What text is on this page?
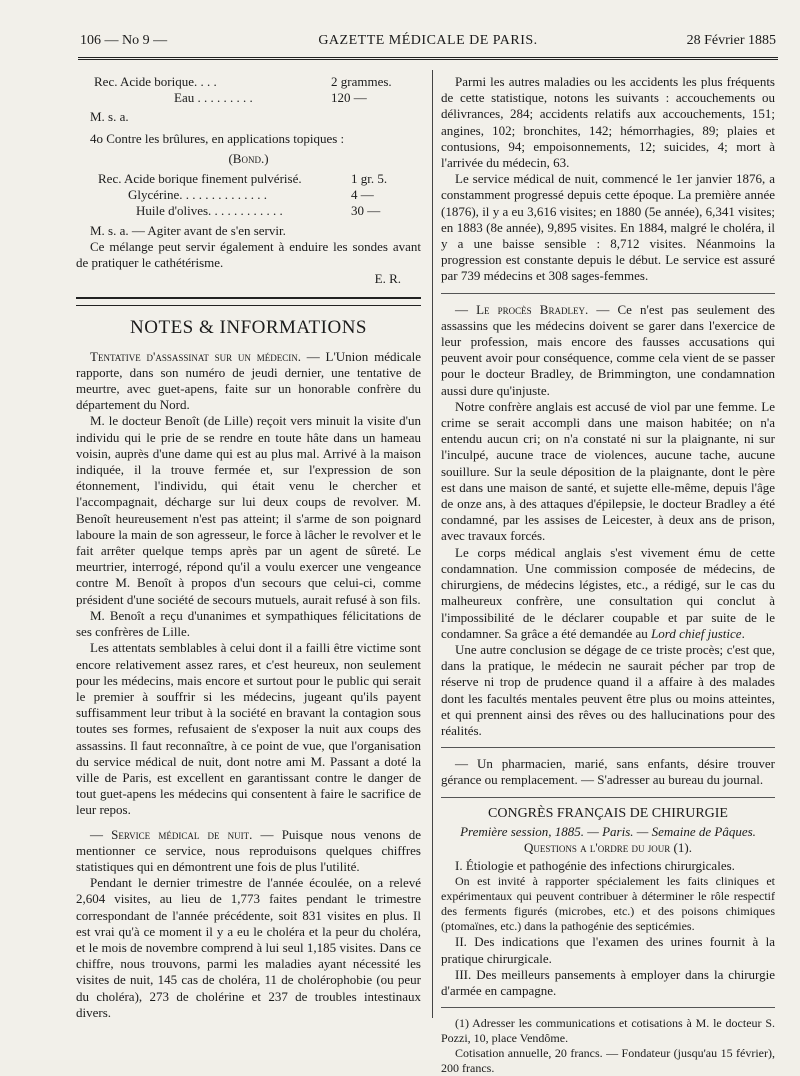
106 — No 9 —	GAZETTE MÉDICALE DE PARIS.	28 Février 1885
Rec. Acide borique. . . .	2 grammes.
Eau . . . . . . . . .	120 —

M. s. a.

4o Contre les brûlures, en applications topiques :

(Bond.)

Rec. Acide borique finement pulvérisé.	1 gr. 5.
Glycérine. . . . . . . . . . . . . .	4 —
Huile d'olives. . . . . . . . . . . .	30 —

M. s. a. — Agiter avant de s'en servir.

Ce mélange peut servir également à enduire les sondes avant de pratiquer le cathétérisme.

E. R.

NOTES & INFORMATIONS

Tentative d'assassinat sur un médecin. — L'Union médicale rapporte, dans son numéro de jeudi dernier, une tentative de meurtre, avec guet-apens, faite sur un honorable confrère du département du Nord.

M. le docteur Benoît (de Lille) reçoit vers minuit la visite d'un individu qui le prie de se rendre en toute hâte dans un hameau voisin, auprès d'une dame qui est au plus mal. Arrivé à la maison indiquée, il la trouve fermée et, sur l'expression de son étonnement, l'individu, qui était venu le chercher et l'accompagnait, décharge sur lui deux coups de revolver. M. Benoît heureusement n'est pas atteint; il s'arme de son poignard laboure la main de son agresseur, le force à lâcher le revolver et le fait arrêter quelque temps après par un agent de sûreté. Le meurtrier, interrogé, répond qu'il a voulu exercer une vengeance contre M. Benoît à propos d'un secours que celui-ci, comme président d'une société de secours mutuels, aurait refusé à son fils.

M. Benoît a reçu d'unanimes et sympathiques félicitations de ses confrères de Lille.

Les attentats semblables à celui dont il a failli être victime sont encore relativement assez rares, et c'est heureux, non seulement pour les médecins, mais encore et surtout pour le public qui serait le premier à souffrir si les médecins, jugeant qu'ils payent suffisamment leur tribut à la société en bravant la contagion sous toutes ses formes, refusaient de s'exposer la nuit aux coups des assassins. Il faut reconnaître, à ce point de vue, que l'organisation du service médical de nuit, dont notre ami M. Passant a doté la ville de Paris, est excellent en garantissant contre le danger de tout guet-apens les médecins qui consentent à faire le sacrifice de leur repos.

— Service médical de nuit. — Puisque nous venons de mentionner ce service, nous reproduisons quelques chiffres statistiques qui en démontrent une fois de plus l'utilité.

Pendant le dernier trimestre de l'année écoulée, on a relevé 2,604 visites, au lieu de 1,773 faites pendant le trimestre correspondant de l'année précédente, soit 831 visites en plus. Il est vrai qu'à ce moment il y a eu le choléra et la peur du choléra, et le mois de novembre comprend à lui seul 1,185 visites. Dans ce chiffre, nous trouvons, parmi les maladies ayant nécessité les visites de nuit, 145 cas de choléra, 11 de cholérophobie (ou peur du choléra), 273 de cholérine et 237 de troubles intestinaux divers.

Parmi les autres maladies ou les accidents les plus fréquents de cette statistique, notons les suivants : accouchements ou délivrances, 284; accidents relatifs aux accouchements, 151; angines, 102; bronchites, 142; hémorrhagies, 89; plaies et contusions, 94; empoisonnements, 12; suicides, 4; mort à l'arrivée du médecin, 63.

Le service médical de nuit, commencé le 1er janvier 1876, a constamment progressé depuis cette époque. La première année (1876), il y a eu 3,616 visites; en 1880 (5e année), 6,341 visites; en 1883 (8e année), 9,895 visites. En 1884, malgré le choléra, il y a une baisse sensible : 8,712 visites. Néanmoins la progression est constante depuis le début. Le service est assuré par 739 médecins et 308 sages-femmes.

— Le procès Bradley. — Ce n'est pas seulement des assassins que les médecins doivent se garer dans l'exercice de leur profession, mais encore des fausses accusations qui peuvent avoir pour conséquence, comme cela vient de se passer pour le docteur Bradley, de Brimmington, une condamnation aussi dure qu'injuste.

Notre confrère anglais est accusé de viol par une femme. Le crime se serait accompli dans une maison habitée; on n'a entendu aucun cri; on n'a constaté ni sur la plaignante, ni sur l'inculpé, aucune trace de violences, aucune tache, aucune souillure. Sur la seule déposition de la plaignante, dont le père est dans une maison de santé, et sujette elle-même, depuis l'âge de onze ans, à des attaques d'épilepsie, le docteur Bradley a été condamné, par les assises de Leicester, à deux ans de prison, avec travaux forcés.

Le corps médical anglais s'est vivement ému de cette condamnation. Une commission composée de médecins, de chirurgiens, de médecins légistes, etc., a rédigé, sur le cas du malheureux confrère, une consultation qui conclut à l'impossibilité de le déclarer coupable et par suite de le condamner. Sa grâce a été demandée au Lord chief justice.

Une autre conclusion se dégage de ce triste procès; c'est que, dans la pratique, le médecin ne saurait pécher par trop de réserve ni trop de prudence quand il a affaire à des malades dont les facultés mentales peuvent être plus ou moins atteintes, et qui prennent ainsi des rêves ou des hallucinations pour des réalités.

— Un pharmacien, marié, sans enfants, désire trouver gérance ou remplacement. — S'adresser au bureau du journal.

CONGRÈS FRANÇAIS DE CHIRURGIE

Première session, 1885. — Paris. — Semaine de Pâques.

Questions a l'ordre du jour (1).

I. Étiologie et pathogénie des infections chirurgicales.

On est invité à rapporter spécialement les faits cliniques et expérimentaux qui peuvent contribuer à déterminer le rôle respectif des ferments figurés (microbes, etc.) et des poisons chimiques (ptomaïnes, etc.) dans la pathogénie des septicémies.

II. Des indications que l'examen des urines fournit à la pratique chirurgicale.

III. Des meilleurs pansements à employer dans la chirurgie d'armée en campagne.

(1) Adresser les communications et cotisations à M. le docteur S. Pozzi, 10, place Vendôme.

Cotisation annuelle, 20 francs. — Fondateur (jusqu'au 15 février), 200 francs.
